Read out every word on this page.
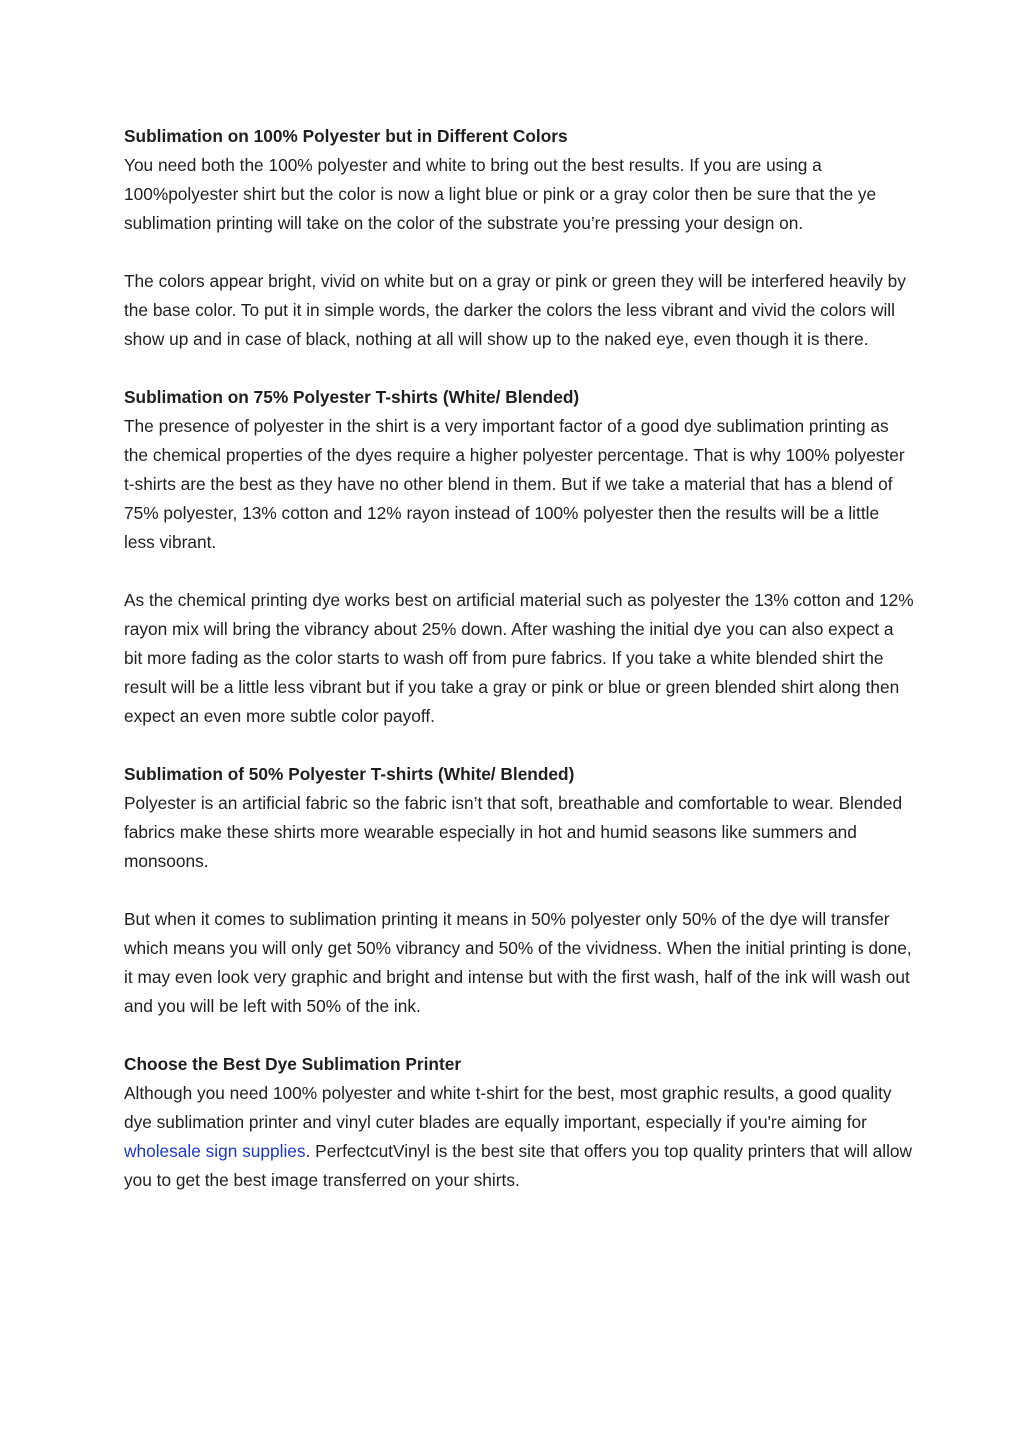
Sublimation on 100% Polyester but in Different Colors

You need both the 100% polyester and white to bring out the best results. If you are using a 100%polyester shirt but the color is now a light blue or pink or a gray color then be sure that the ye sublimation printing will take on the color of the substrate you’re pressing your design on.

The colors appear bright, vivid on white but on a gray or pink or green they will be interfered heavily by the base color. To put it in simple words, the darker the colors the less vibrant and vivid the colors will show up and in case of black, nothing at all will show up to the naked eye, even though it is there.

Sublimation on 75% Polyester T-shirts (White/ Blended)

The presence of polyester in the shirt is a very important factor of a good dye sublimation printing as the chemical properties of the dyes require a higher polyester percentage. That is why 100% polyester t-shirts are the best as they have no other blend in them. But if we take a material that has a blend of 75% polyester, 13% cotton and 12% rayon instead of 100% polyester then the results will be a little less vibrant.

As the chemical printing dye works best on artificial material such as polyester the 13% cotton and 12% rayon mix will bring the vibrancy about 25% down. After washing the initial dye you can also expect a bit more fading as the color starts to wash off from pure fabrics. If you take a white blended shirt the result will be a little less vibrant but if you take a gray or pink or blue or green blended shirt along then expect an even more subtle color payoff.

Sublimation of 50% Polyester T-shirts (White/ Blended)

Polyester is an artificial fabric so the fabric isn’t that soft, breathable and comfortable to wear. Blended fabrics make these shirts more wearable especially in hot and humid seasons like summers and monsoons.

But when it comes to sublimation printing it means in 50% polyester only 50% of the dye will transfer which means you will only get 50% vibrancy and 50% of the vividness. When the initial printing is done, it may even look very graphic and bright and intense but with the first wash, half of the ink will wash out and you will be left with 50% of the ink.

Choose the Best Dye Sublimation Printer

Although you need 100% polyester and white t-shirt for the best, most graphic results, a good quality dye sublimation printer and vinyl cuter blades are equally important, especially if you're aiming for wholesale sign supplies. PerfectcutVinyl is the best site that offers you top quality printers that will allow you to get the best image transferred on your shirts.
